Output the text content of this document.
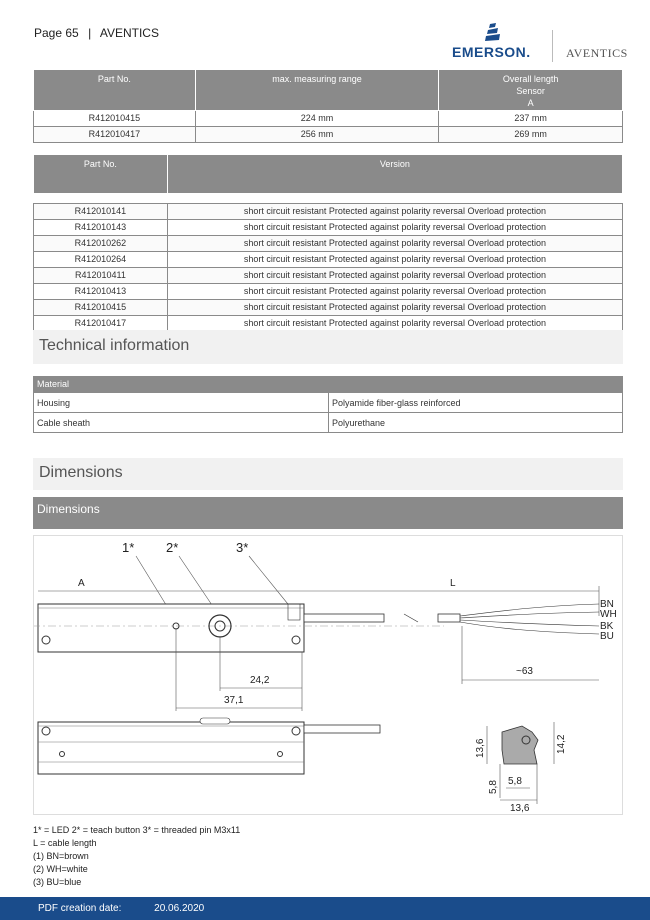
Page 65 | AVENTICS
EMERSON.	AVENTICS
Part No.	max. measuring range	Overall length
Sensor
A
R412010415	224 mm	237 mm
R412010417	256 mm	269 mm
Part No.	Version

R412010141	short circuit resistant Protected against polarity reversal Overload protection
R412010143	short circuit resistant Protected against polarity reversal Overload protection
R412010262	short circuit resistant Protected against polarity reversal Overload protection
R412010264	short circuit resistant Protected against polarity reversal Overload protection
R412010411	short circuit resistant Protected against polarity reversal Overload protection
R412010413	short circuit resistant Protected against polarity reversal Overload protection
R412010415	short circuit resistant Protected against polarity reversal Overload protection
R412010417	short circuit resistant Protected against polarity reversal Overload protection
Technical information
Material
Housing	Polyamide fiber-glass reinforced
Cable sheath	Polyurethane
Dimensions
Dimensions
1* 2*	3*
A	L
BN
WH
BK
BU
~63
24,2
37,1
13,6	14,2
5,8
5,8
13,6
1* = LED 2* = teach button 3* = threaded pin M3x11
L = cable length
(1) BN=brown
(2) WH=white
(3) BU=blue
PDF creation date:	20.06.2020
